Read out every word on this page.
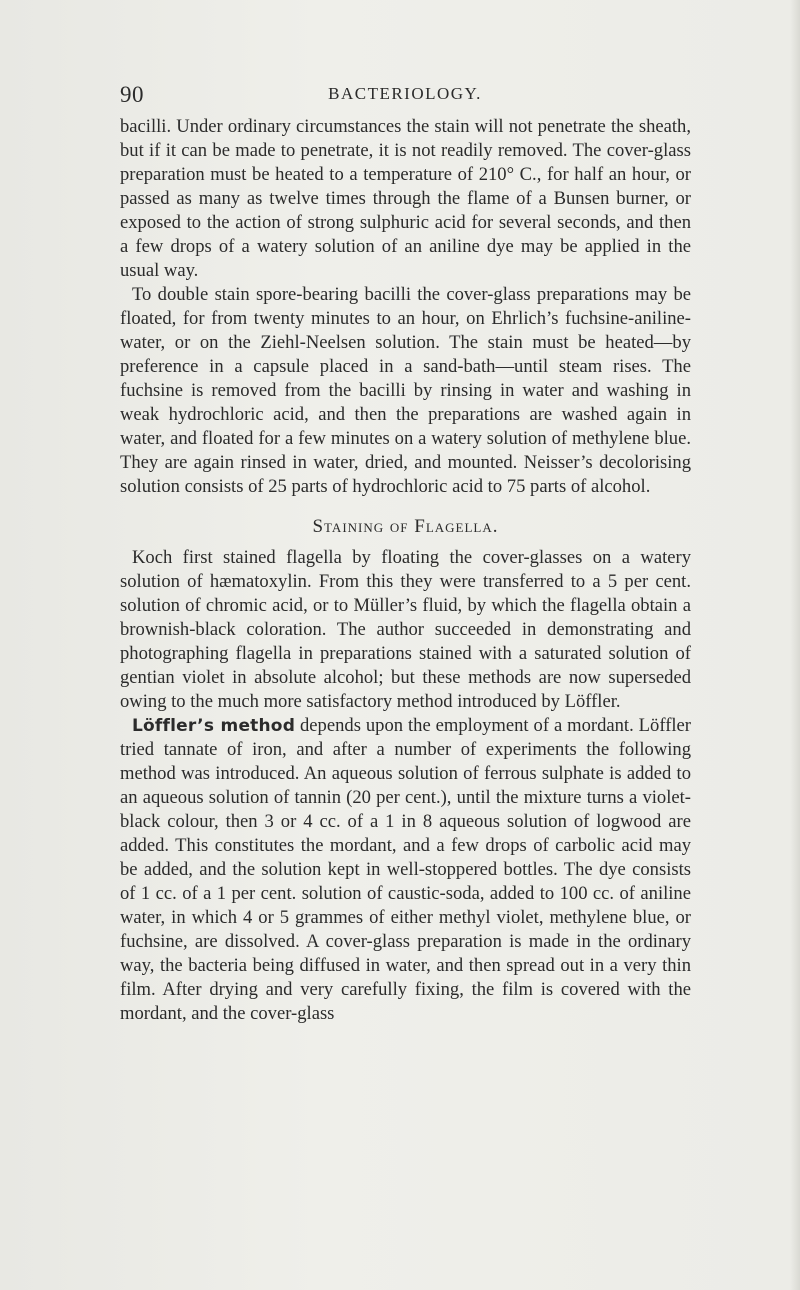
90	BACTERIOLOGY.

bacilli. Under ordinary circumstances the stain will not penetrate the sheath, but if it can be made to penetrate, it is not readily removed. The cover-glass preparation must be heated to a temperature of 210° C., for half an hour, or passed as many as twelve times through the flame of a Bunsen burner, or exposed to the action of strong sulphuric acid for several seconds, and then a few drops of a watery solution of an aniline dye may be applied in the usual way.

To double stain spore-bearing bacilli the cover-glass preparations may be floated, for from twenty minutes to an hour, on Ehrlich’s fuchsine-aniline-water, or on the Ziehl-Neelsen solution. The stain must be heated—by preference in a capsule placed in a sand-bath—until steam rises. The fuchsine is removed from the bacilli by rinsing in water and washing in weak hydrochloric acid, and then the preparations are washed again in water, and floated for a few minutes on a watery solution of methylene blue. They are again rinsed in water, dried, and mounted. Neisser’s decolorising solution consists of 25 parts of hydrochloric acid to 75 parts of alcohol.

Staining of Flagella.

Koch first stained flagella by floating the cover-glasses on a watery solution of hæmatoxylin. From this they were transferred to a 5 per cent. solution of chromic acid, or to Müller’s fluid, by which the flagella obtain a brownish-black coloration. The author succeeded in demonstrating and photographing flagella in preparations stained with a saturated solution of gentian violet in absolute alcohol; but these methods are now superseded owing to the much more satisfactory method introduced by Löffler.

Löffler’s method depends upon the employment of a mordant. Löffler tried tannate of iron, and after a number of experiments the following method was introduced. An aqueous solution of ferrous sulphate is added to an aqueous solution of tannin (20 per cent.), until the mixture turns a violet-black colour, then 3 or 4 cc. of a 1 in 8 aqueous solution of logwood are added. This constitutes the mordant, and a few drops of carbolic acid may be added, and the solution kept in well-stoppered bottles. The dye consists of 1 cc. of a 1 per cent. solution of caustic-soda, added to 100 cc. of aniline water, in which 4 or 5 grammes of either methyl violet, methylene blue, or fuchsine, are dissolved. A cover-glass preparation is made in the ordinary way, the bacteria being diffused in water, and then spread out in a very thin film. After drying and very carefully fixing, the film is covered with the mordant, and the cover-glass
